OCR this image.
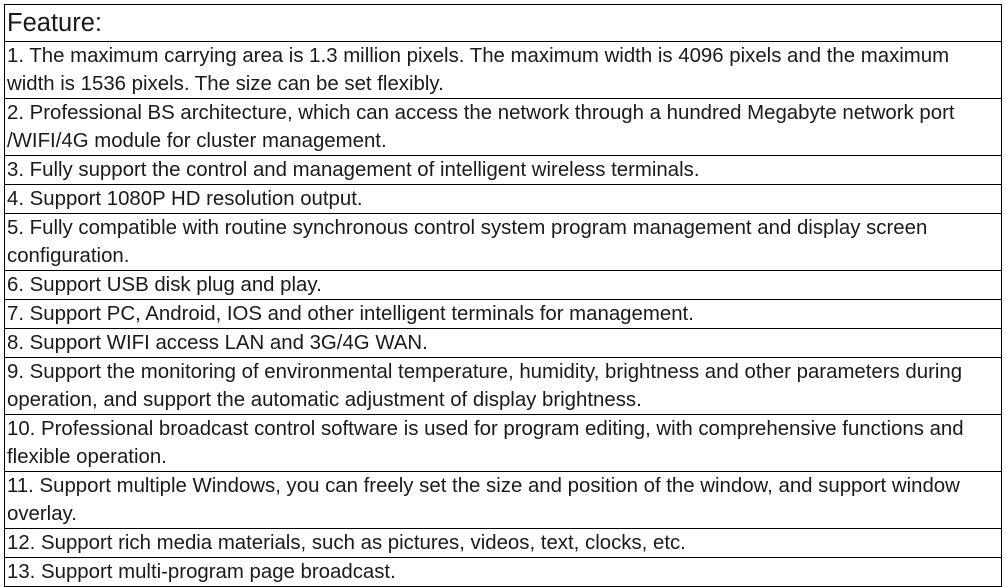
Feature:
1. The maximum carrying area is 1.3 million pixels. The maximum width is 4096 pixels and the maximum width is 1536 pixels. The size can be set flexibly.
2. Professional BS architecture, which can access the network through a hundred Megabyte network port /WIFI/4G module for cluster management.
3. Fully support the control and management of intelligent wireless terminals.
4. Support 1080P HD resolution output.
5. Fully compatible with routine synchronous control system program management and display screen configuration.
6. Support USB disk plug and play.
7. Support PC, Android, IOS and other intelligent terminals for management.
8. Support WIFI access LAN and 3G/4G WAN.
9. Support the monitoring of environmental temperature, humidity, brightness and other parameters during operation, and support the automatic adjustment of display brightness.
10. Professional broadcast control software is used for program editing, with comprehensive functions and flexible operation.
11. Support multiple Windows, you can freely set the size and position of the window, and support window overlay.
12. Support rich media materials, such as pictures, videos, text, clocks, etc.
13. Support multi-program page broadcast.
